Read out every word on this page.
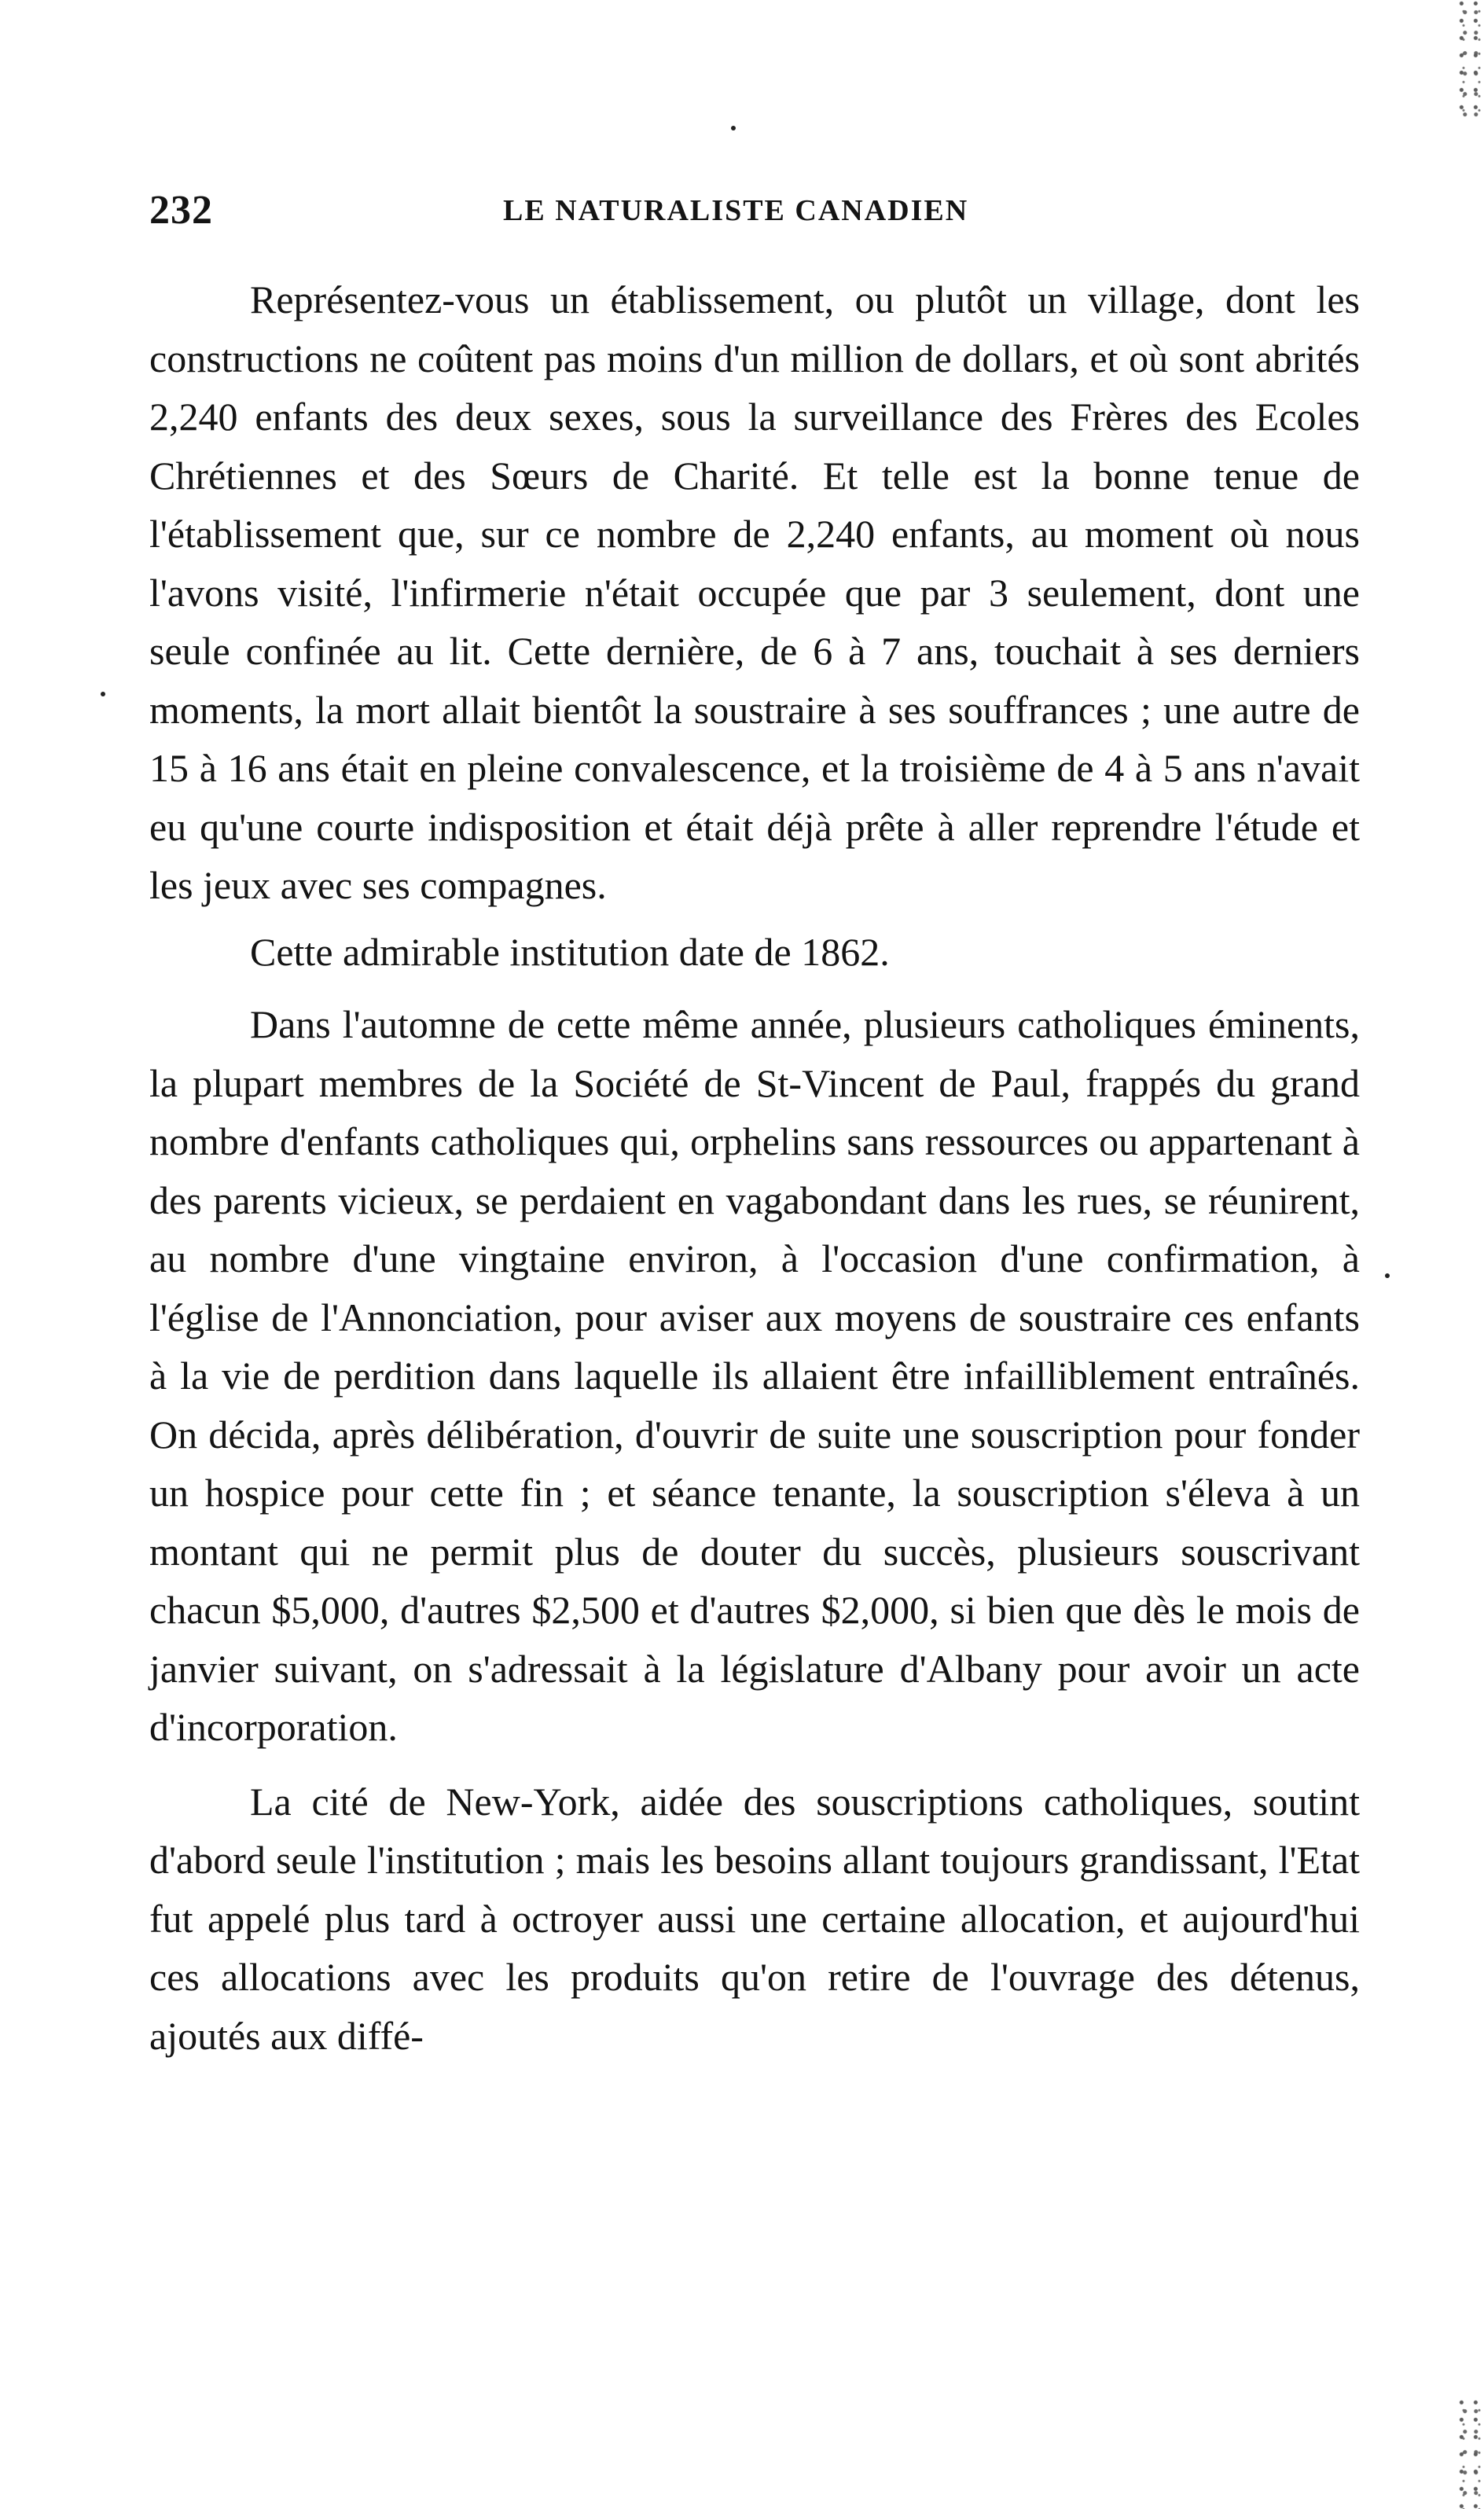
232	LE NATURALISTE CANADIEN

Représentez-vous un établissement, ou plutôt un village, dont les constructions ne coûtent pas moins d'un million de dollars, et où sont abrités 2,240 enfants des deux sexes, sous la surveillance des Frères des Ecoles Chrétiennes et des Sœurs de Charité. Et telle est la bonne tenue de l'établissement que, sur ce nombre de 2,240 enfants, au moment où nous l'avons visité, l'infirmerie n'était occupée que par 3 seulement, dont une seule confinée au lit. Cette dernière, de 6 à 7 ans, touchait à ses derniers moments, la mort allait bientôt la soustraire à ses souffrances ; une autre de 15 à 16 ans était en pleine convalescence, et la troisième de 4 à 5 ans n'avait eu qu'une courte indisposition et était déjà prête à aller reprendre l'étude et les jeux avec ses compagnes.

Cette admirable institution date de 1862.

Dans l'automne de cette même année, plusieurs catholiques éminents, la plupart membres de la Société de St-Vincent de Paul, frappés du grand nombre d'enfants catholiques qui, orphelins sans ressources ou appartenant à des parents vicieux, se perdaient en vagabondant dans les rues, se réunirent, au nombre d'une vingtaine environ, à l'occasion d'une confirmation, à l'église de l'Annonciation, pour aviser aux moyens de soustraire ces enfants à la vie de perdition dans laquelle ils allaient être infailliblement entraînés. On décida, après délibération, d'ouvrir de suite une souscription pour fonder un hospice pour cette fin ; et séance tenante, la souscription s'éleva à un montant qui ne permit plus de douter du succès, plusieurs souscrivant chacun $5,000, d'autres $2,500 et d'autres $2,000, si bien que dès le mois de janvier suivant, on s'adressait à la législature d'Albany pour avoir un acte d'incorporation.

La cité de New-York, aidée des souscriptions catholiques, soutint d'abord seule l'institution ; mais les besoins allant toujours grandissant, l'Etat fut appelé plus tard à octroyer aussi une certaine allocation, et aujourd'hui ces allocations avec les produits qu'on retire de l'ouvrage des détenus, ajoutés aux diffé-
